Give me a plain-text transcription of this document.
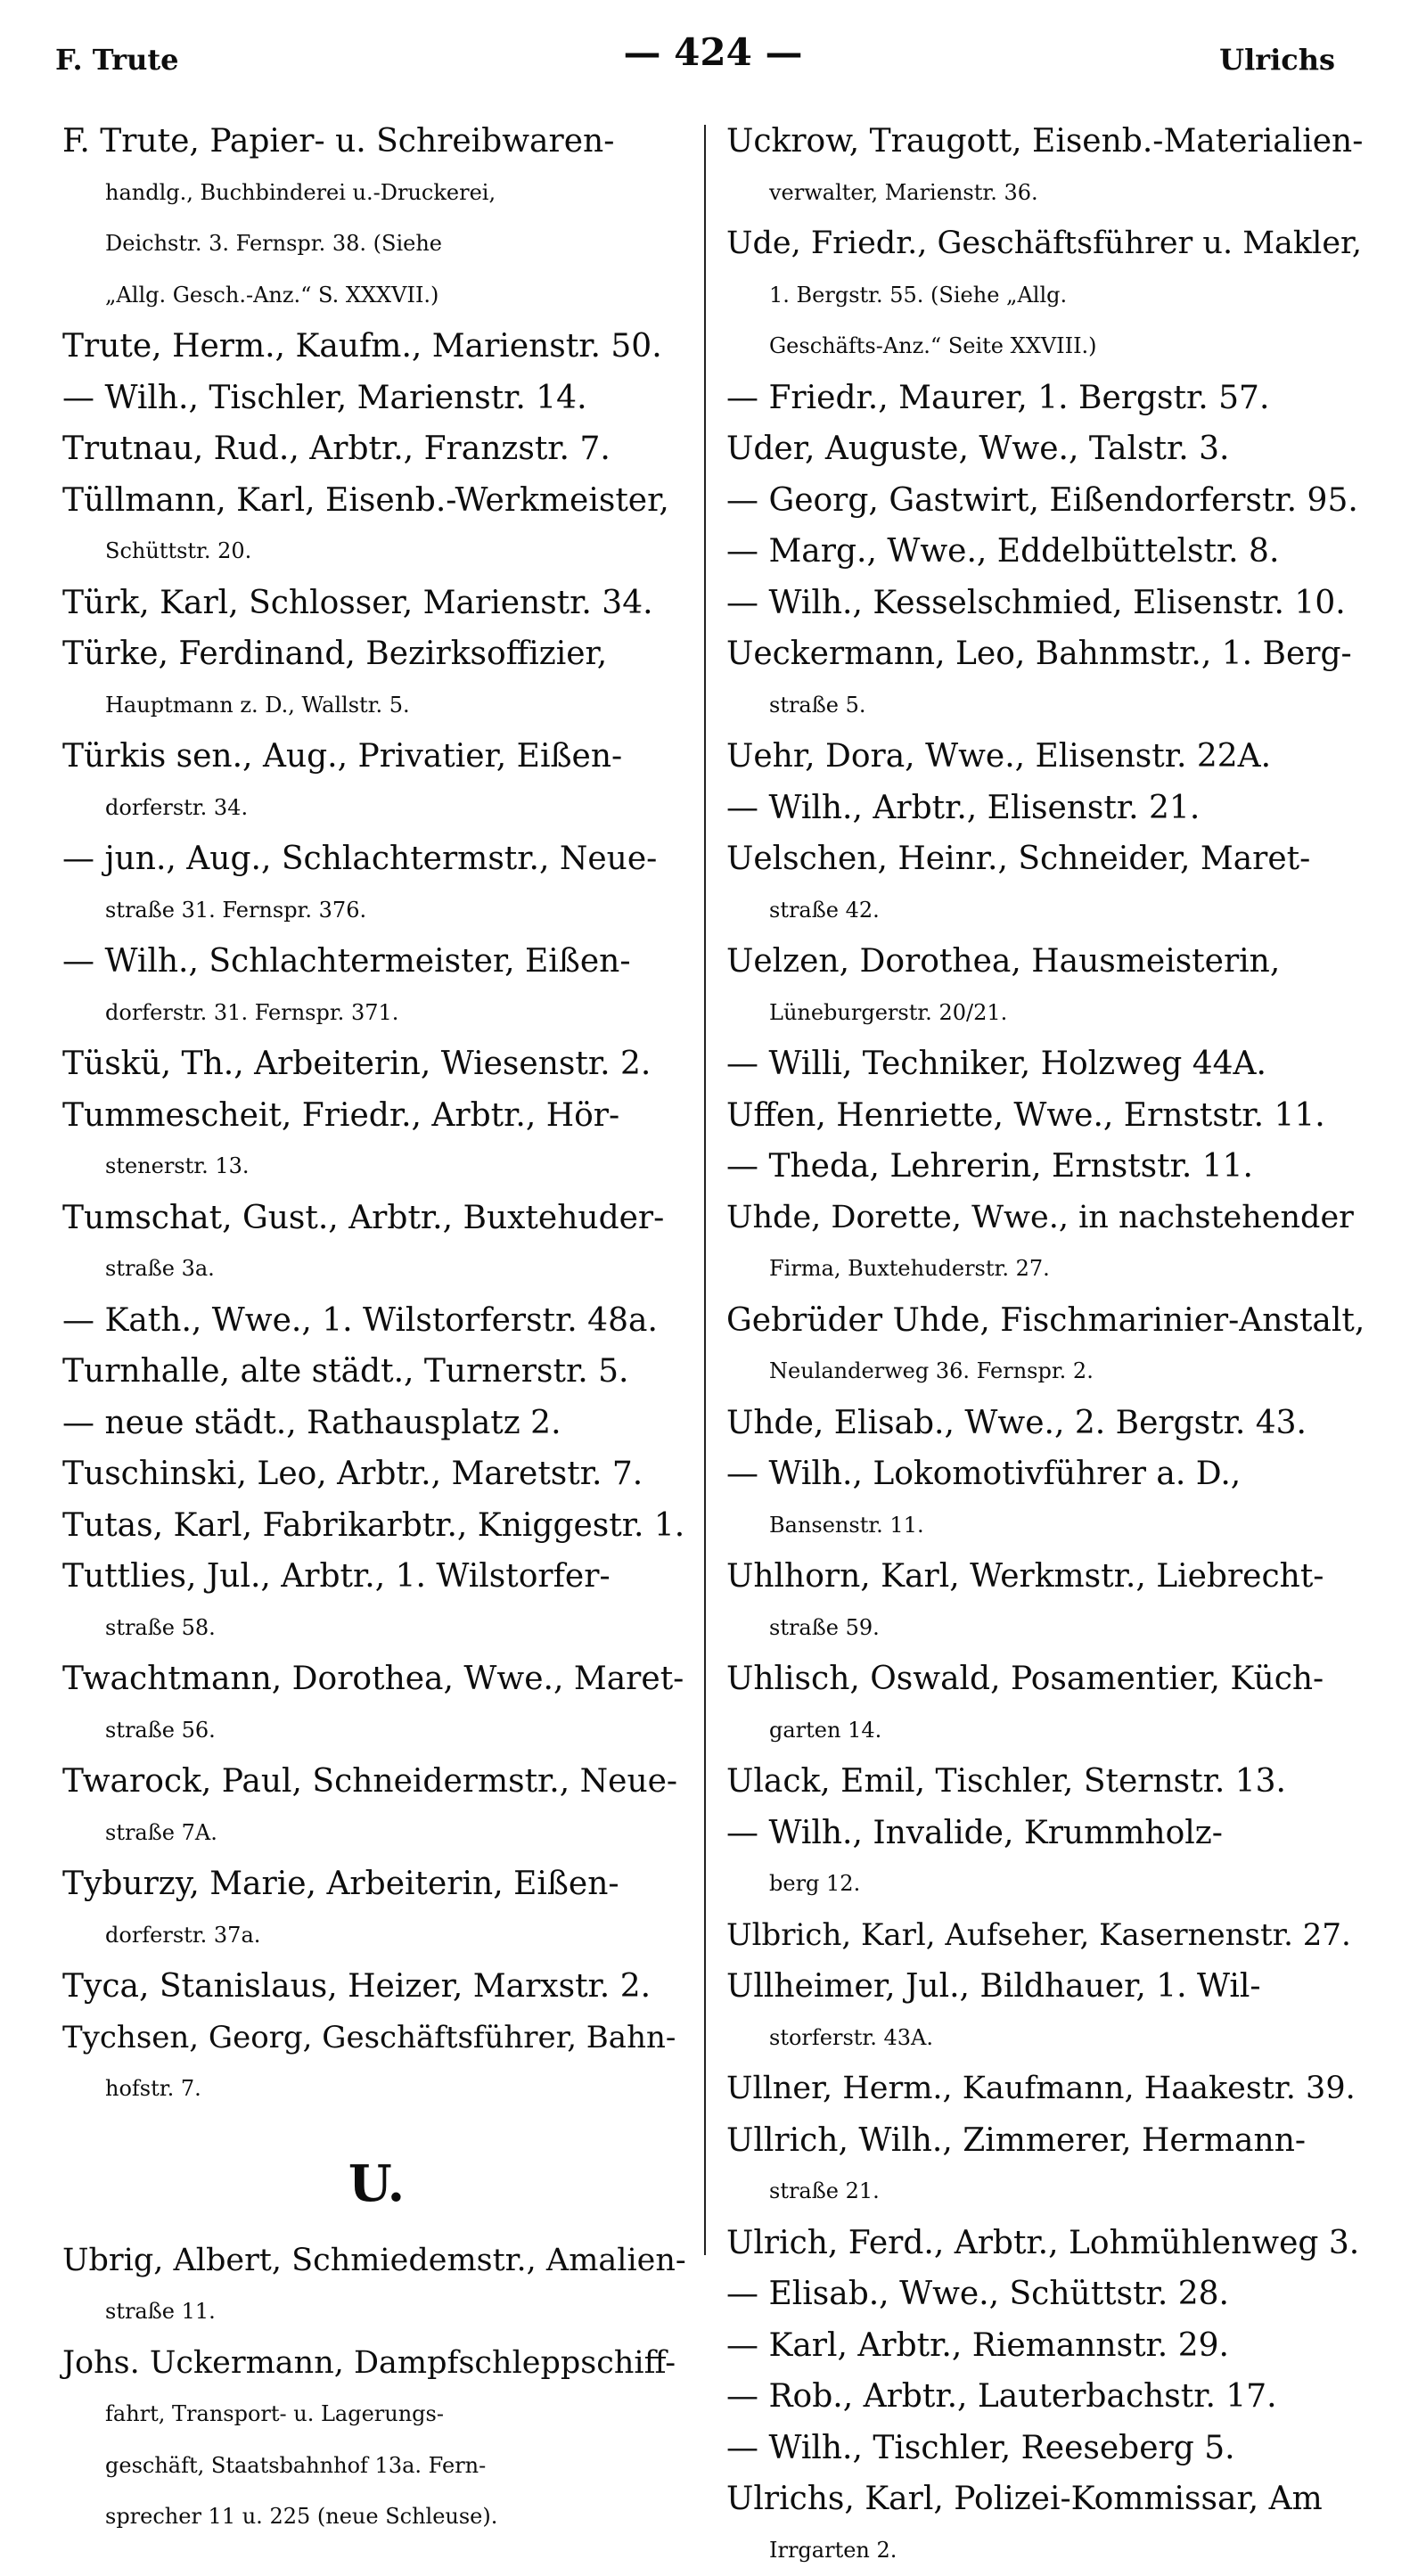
F. Trute	— 424 —	Ulrichs
F. Trute, Papier- u. Schreibwaren-
handlg., Buchbinderei u.-Druckerei,
Deichstr. 3. Fernspr. 38. (Siehe
„Allg. Gesch.-Anz.“ S. XXXVII.)
Trute, Herm., Kaufm., Marienstr. 50.
— Wilh., Tischler, Marienstr. 14.
Trutnau, Rud., Arbtr., Franzstr. 7.
Tüllmann, Karl, Eisenb.-Werkmeister,
Schüttstr. 20.
Türk, Karl, Schlosser, Marienstr. 34.
Türke, Ferdinand, Bezirksoffizier,
Hauptmann z. D., Wallstr. 5.
Türkis sen., Aug., Privatier, Eißen-
dorferstr. 34.
— jun., Aug., Schlachtermstr., Neue-
straße 31. Fernspr. 376.
— Wilh., Schlachtermeister, Eißen-
dorferstr. 31. Fernspr. 371.
Tüskü, Th., Arbeiterin, Wiesenstr. 2.
Tummescheit, Friedr., Arbtr., Hör-
stenerstr. 13.
Tumschat, Gust., Arbtr., Buxtehuder-
straße 3a.
— Kath., Wwe., 1. Wilstorferstr. 48a.
Turnhalle, alte städt., Turnerstr. 5.
— neue städt., Rathausplatz 2.
Tuschinski, Leo, Arbtr., Maretstr. 7.
Tutas, Karl, Fabrikarbtr., Kniggestr. 1.
Tuttlies, Jul., Arbtr., 1. Wilstorfer-
straße 58.
Twachtmann, Dorothea, Wwe., Maret-
straße 56.
Twarock, Paul, Schneidermstr., Neue-
straße 7A.
Tyburzy, Marie, Arbeiterin, Eißen-
dorferstr. 37a.
Tyca, Stanislaus, Heizer, Marxstr. 2.
Tychsen, Georg, Geschäftsführer, Bahn-
hofstr. 7.
U.
Ubrig, Albert, Schmiedemstr., Amalien-
straße 11.
Johs. Uckermann, Dampfschleppschiff-
fahrt, Transport- u. Lagerungs-
geschäft, Staatsbahnhof 13a. Fern-
sprecher 11 u. 225 (neue Schleuse).
Uckrow, Traugott, Eisenb.-Materialien-
verwalter, Marienstr. 36.
Ude, Friedr., Geschäftsführer u. Makler,
1. Bergstr. 55. (Siehe „Allg.
Geschäfts-Anz.“ Seite XXVIII.)
— Friedr., Maurer, 1. Bergstr. 57.
Uder, Auguste, Wwe., Talstr. 3.
— Georg, Gastwirt, Eißendorferstr. 95.
— Marg., Wwe., Eddelbüttelstr. 8.
— Wilh., Kesselschmied, Elisenstr. 10.
Ueckermann, Leo, Bahnmstr., 1. Berg-
straße 5.
Uehr, Dora, Wwe., Elisenstr. 22A.
— Wilh., Arbtr., Elisenstr. 21.
Uelschen, Heinr., Schneider, Maret-
straße 42.
Uelzen, Dorothea, Hausmeisterin,
Lüneburgerstr. 20/21.
— Willi, Techniker, Holzweg 44A.
Uffen, Henriette, Wwe., Ernststr. 11.
— Theda, Lehrerin, Ernststr. 11.
Uhde, Dorette, Wwe., in nachstehender
Firma, Buxtehuderstr. 27.
Gebrüder Uhde, Fischmarinier-Anstalt,
Neulanderweg 36. Fernspr. 2.
Uhde, Elisab., Wwe., 2. Bergstr. 43.
— Wilh., Lokomotivführer a. D.,
Bansenstr. 11.
Uhlhorn, Karl, Werkmstr., Liebrecht-
straße 59.
Uhlisch, Oswald, Posamentier, Küch-
garten 14.
Ulack, Emil, Tischler, Sternstr. 13.
— Wilh., Invalide, Krummholz-
berg 12.
Ulbrich, Karl, Aufseher, Kasernenstr. 27.
Ullheimer, Jul., Bildhauer, 1. Wil-
storferstr. 43A.
Ullner, Herm., Kaufmann, Haakestr. 39.
Ullrich, Wilh., Zimmerer, Hermann-
straße 21.
Ulrich, Ferd., Arbtr., Lohmühlenweg 3.
— Elisab., Wwe., Schüttstr. 28.
— Karl, Arbtr., Riemannstr. 29.
— Rob., Arbtr., Lauterbachstr. 17.
— Wilh., Tischler, Reeseberg 5.
Ulrichs, Karl, Polizei-Kommissar, Am
Irrgarten 2.
